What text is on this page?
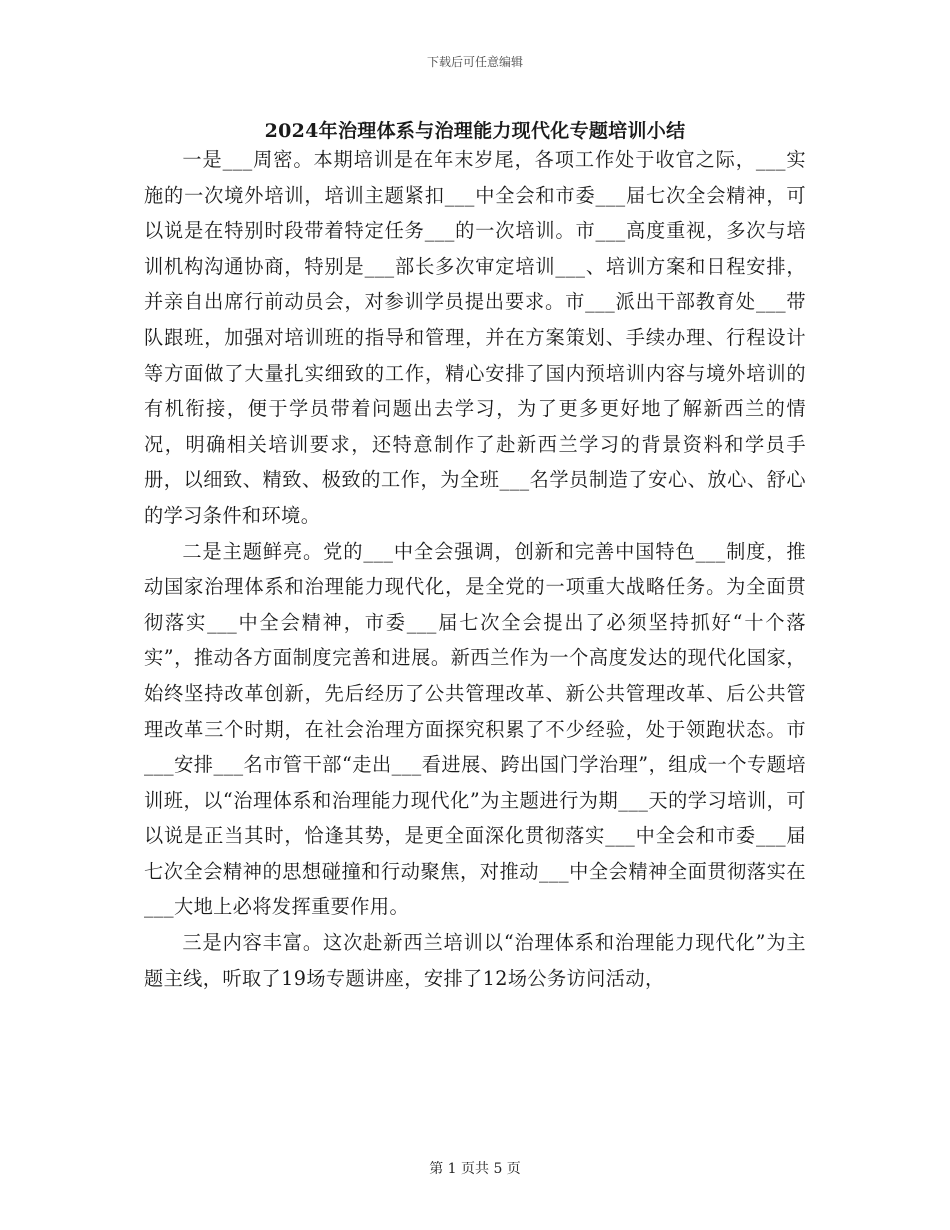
下载后可任意编辑
2024年治理体系与治理能力现代化专题培训小结

一是___周密。本期培训是在年末岁尾，各项工作处于收官之际，___实施的一次境外培训，培训主题紧扣___中全会和市委___届七次全会精神，可以说是在特别时段带着特定任务___的一次培训。市___高度重视，多次与培训机构沟通协商，特别是___部长多次审定培训___、培训方案和日程安排，并亲自出席行前动员会，对参训学员提出要求。市___派出干部教育处___带队跟班，加强对培训班的指导和管理，并在方案策划、手续办理、行程设计等方面做了大量扎实细致的工作，精心安排了国内预培训内容与境外培训的有机衔接，便于学员带着问题出去学习，为了更多更好地了解新西兰的情况，明确相关培训要求，还特意制作了赴新西兰学习的背景资料和学员手册，以细致、精致、极致的工作，为全班___名学员制造了安心、放心、舒心的学习条件和环境。

二是主题鲜亮。党的___中全会强调，创新和完善中国特色___制度，推动国家治理体系和治理能力现代化，是全党的一项重大战略任务。为全面贯彻落实___中全会精神，市委___届七次全会提出了必须坚持抓好“十个落实”，推动各方面制度完善和进展。新西兰作为一个高度发达的现代化国家，始终坚持改革创新，先后经历了公共管理改革、新公共管理改革、后公共管理改革三个时期，在社会治理方面探究积累了不少经验，处于领跑状态。市___安排___名市管干部“走出___看进展、跨出国门学治理”，组成一个专题培训班，以“治理体系和治理能力现代化”为主题进行为期___天的学习培训，可以说是正当其时，恰逢其势，是更全面深化贯彻落实___中全会和市委___届七次全会精神的思想碰撞和行动聚焦，对推动___中全会精神全面贯彻落实在___大地上必将发挥重要作用。

三是内容丰富。这次赴新西兰培训以“治理体系和治理能力现代化”为主题主线，听取了19场专题讲座，安排了12场公务访问活动，

第 1 页共 5 页
